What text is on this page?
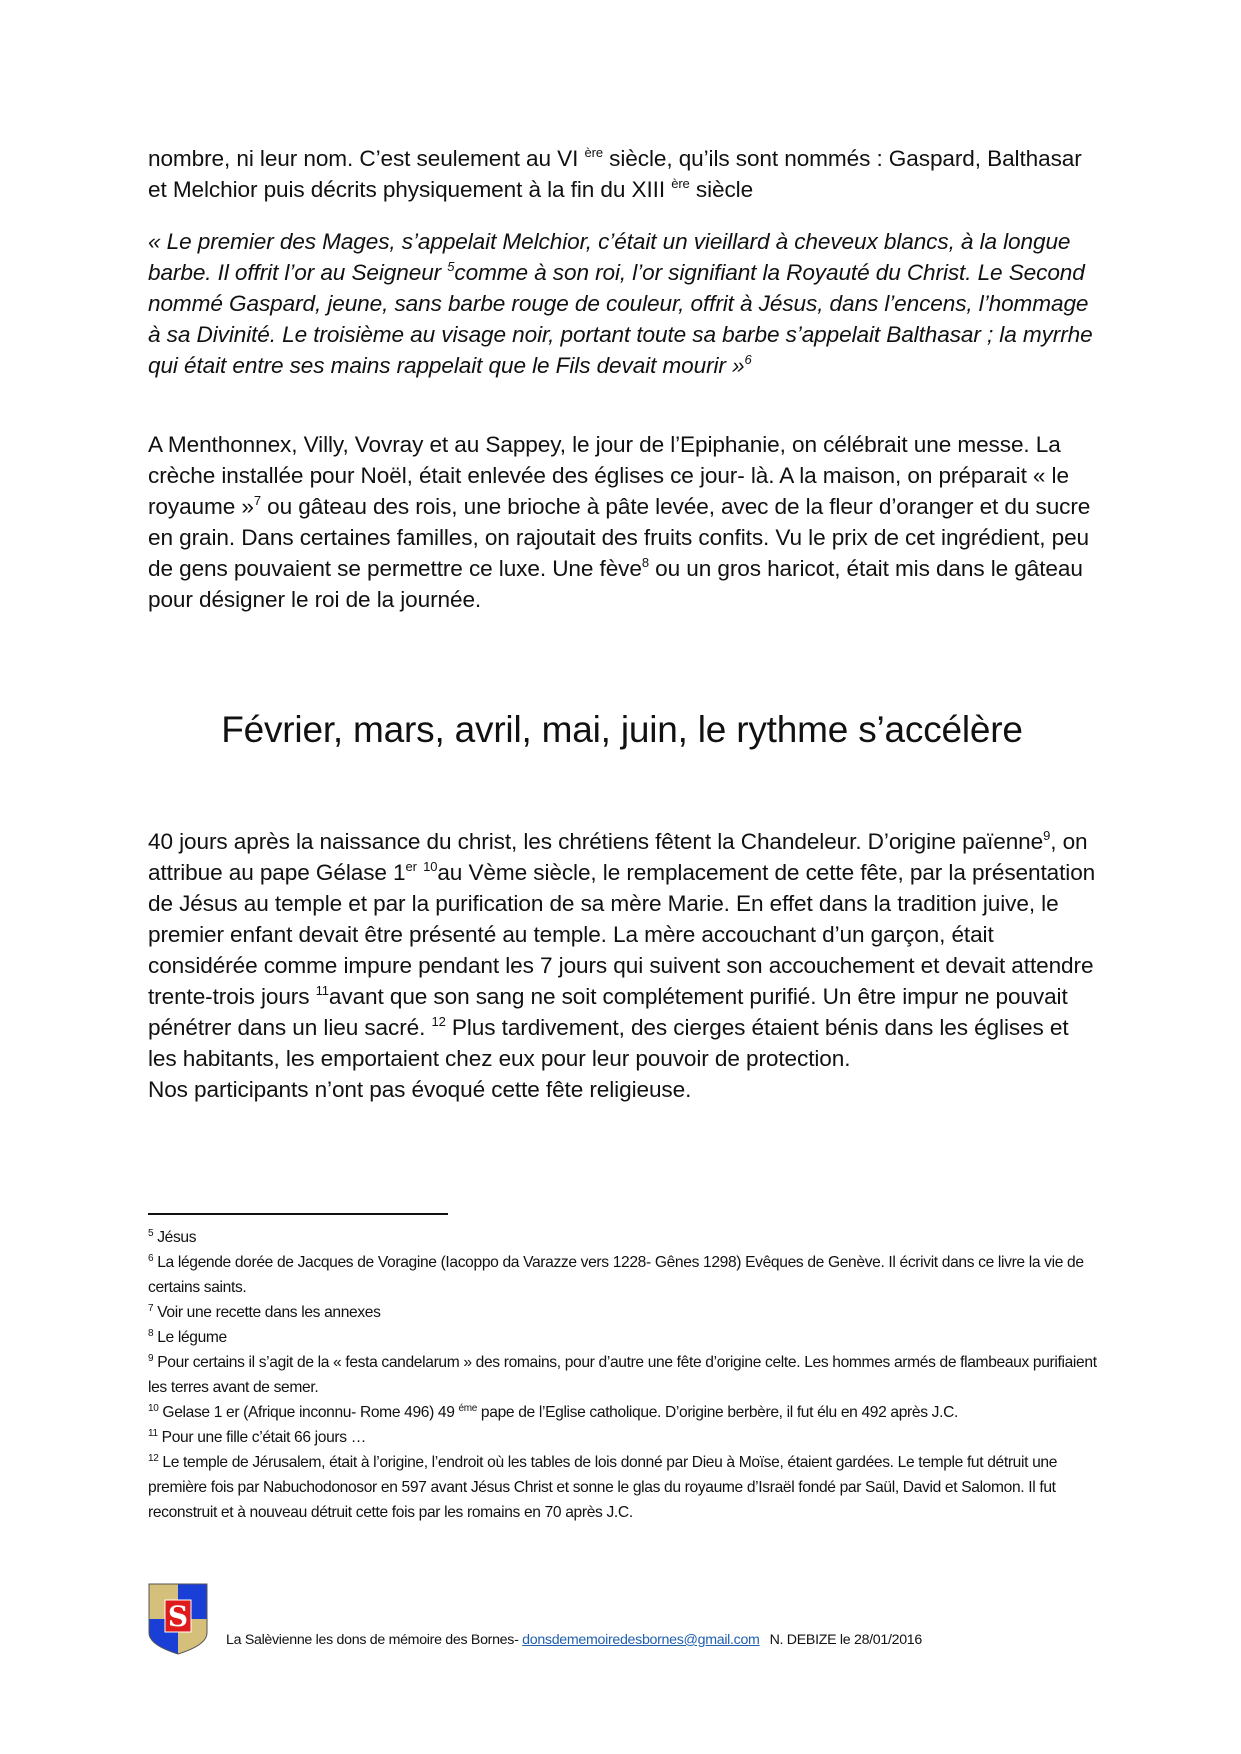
nombre, ni leur nom. C’est seulement au VI $^{ère}$ siècle, qu’ils sont nommés : Gaspard, Balthasar et Melchior puis décrits physiquement à la fin du XIII $^{ère}$ siècle

« Le premier des Mages, s’appelait Melchior, c’était un vieillard à cheveux blancs, à la longue barbe. Il offrit l’or au Seigneur $^5$comme à son roi, l’or signifiant la Royauté du Christ. Le Second nommé Gaspard, jeune, sans barbe rouge de couleur, offrit à Jésus, dans l’encens, l’hommage à sa Divinité. Le troisième au visage noir, portant toute sa barbe s’appelait Balthasar ; la myrrhe qui était entre ses mains rappelait que le Fils devait mourir »$^6$

A Menthonnex, Villy, Vovray et au Sappey, le jour de l’Epiphanie, on célébrait une messe. La crèche installée pour Noël, était enlevée des églises ce jour- là. A la maison, on préparait « le royaume »$^7$ ou gâteau des rois, une brioche à pâte levée, avec de la fleur d’oranger et du sucre en grain. Dans certaines familles, on rajoutait des fruits confits. Vu le prix de cet ingrédient, peu de gens pouvaient se permettre ce luxe. Une fève$^8$ ou un gros haricot, était mis dans le gâteau pour désigner le roi de la journée.

Février, mars, avril, mai, juin, le rythme s’accélère

40 jours après la naissance du christ, les chrétiens fêtent la Chandeleur. D’origine païenne$^9$, on attribue au pape Gélase 1er $^{10}$au Vème siècle, le remplacement de cette fête, par la présentation de Jésus au temple et par la purification de sa mère Marie. En effet dans la tradition juive, le premier enfant devait être présenté au temple. La mère accouchant d’un garçon, était considérée comme impure pendant les 7 jours qui suivent son accouchement et devait attendre trente-trois jours $^{11}$avant que son sang ne soit complétement purifié. Un être impur ne pouvait pénétrer dans un lieu sacré. $^{12}$ Plus tardivement, des cierges étaient bénis dans les églises et les habitants, les emportaient chez eux pour leur pouvoir de protection.
Nos participants n’ont pas évoqué cette fête religieuse.

$^5$ Jésus

$^6$ La légende dorée de Jacques de Voragine (Iacoppo da Varazze vers 1228- Gênes 1298) Evêques de Genève. Il écrivit dans ce livre la vie de certains saints.

$^7$ Voir une recette dans les annexes

$^8$ Le légume

$^9$ Pour certains il s’agit de la « festa candelarum » des romains, pour d’autre une fête d’origine celte. Les hommes armés de flambeaux purifiaient les terres avant de semer.

$^{10}$ Gelase 1 er (Afrique inconnu- Rome 496) 49 $^{éme}$ pape de l’Eglise catholique. D’origine berbère, il fut élu en 492 après J.C.

$^{11}$ Pour une fille c’était 66 jours …

$^{12}$ Le temple de Jérusalem, était à l’origine, l’endroit où les tables de lois donné par Dieu à Moïse, étaient gardées. Le temple fut détruit une première fois par Nabuchodonosor en 597 avant Jésus Christ et sonne le glas du royaume d’Israël fondé par Saül, David et Salomon. Il fut reconstruit et à nouveau détruit cette fois par les romains en 70 après J.C.

S
La Salèvienne les dons de mémoire des Bornes- donsdememoiredesbornes@gmail.com N. DEBIZE le 28/01/2016
